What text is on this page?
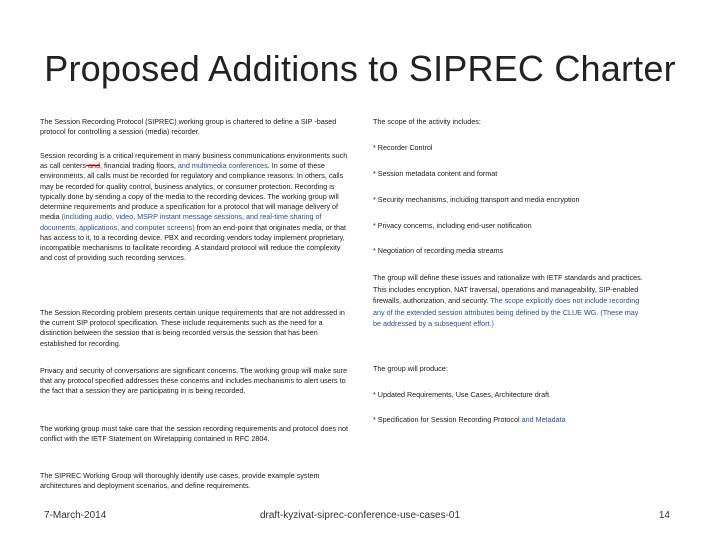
Proposed Additions to SIPREC Charter

The Session Recording Protocol (SIPREC) working group is chartered to define a SIP -based protocol for controlling a session (media) recorder.

Session recording is a critical requirement in many business communications environments such as call centers and, financial trading floors, and multimedia conferences. In some of these environments, all calls must be recorded for regulatory and compliance reasons. In others, calls may be recorded for quality control, business analytics, or consumer protection. Recording is typically done by sending a copy of the media to the recording devices. The working group will determine requirements and produce a specification for a protocol that will manage delivery of media (including audio, video, MSRP instant message sessions, and real-time sharing of documents, applications, and computer screens) from an end-point that originates media, or that has access to it, to a recording device. PBX and recording vendors today implement proprietary, incompatible mechanisms to facilitate recording. A standard protocol will reduce the complexity and cost of providing such recording services.

The Session Recording problem presents certain unique requirements that are not addressed in the current SIP protocol specification. These include requirements such as the need for a distinction between the session that is being recorded versus the session that has been established for recording.

Privacy and security of conversations are significant concerns. The working group will make sure that any protocol specified addresses these concerns and includes mechanisms to alert users to the fact that a session they are participating in is being recorded.

The working group must take care that the session recording requirements and protocol does not conflict with the IETF Statement on Wiretapping contained in RFC 2804.

The SIPREC Working Group will thoroughly identify use cases, provide example system architectures and deployment scenarios, and define requirements.

The scope of the activity includes:

* Recorder Control

* Session metadata content and format

* Security mechanisms, including transport and media encryption

* Privacy concerns, including end-user notification

* Negotiation of recording media streams

The group will define these issues and rationalize with IETF standards and practices. This includes encryption, NAT traversal, operations and manageability, SIP-enabled firewalls, authorization, and security. The scope explicitly does not include recording any of the extended session attributes being defined by the CLUE WG. (These may be addressed by a subsequent effort.)

The group will produce:

* Updated Requirements, Use Cases, Architecture draft

* Specification for Session Recording Protocol and Metadata

7-March-2014	draft-kyzivat-siprec-conference-use-cases-01	14
